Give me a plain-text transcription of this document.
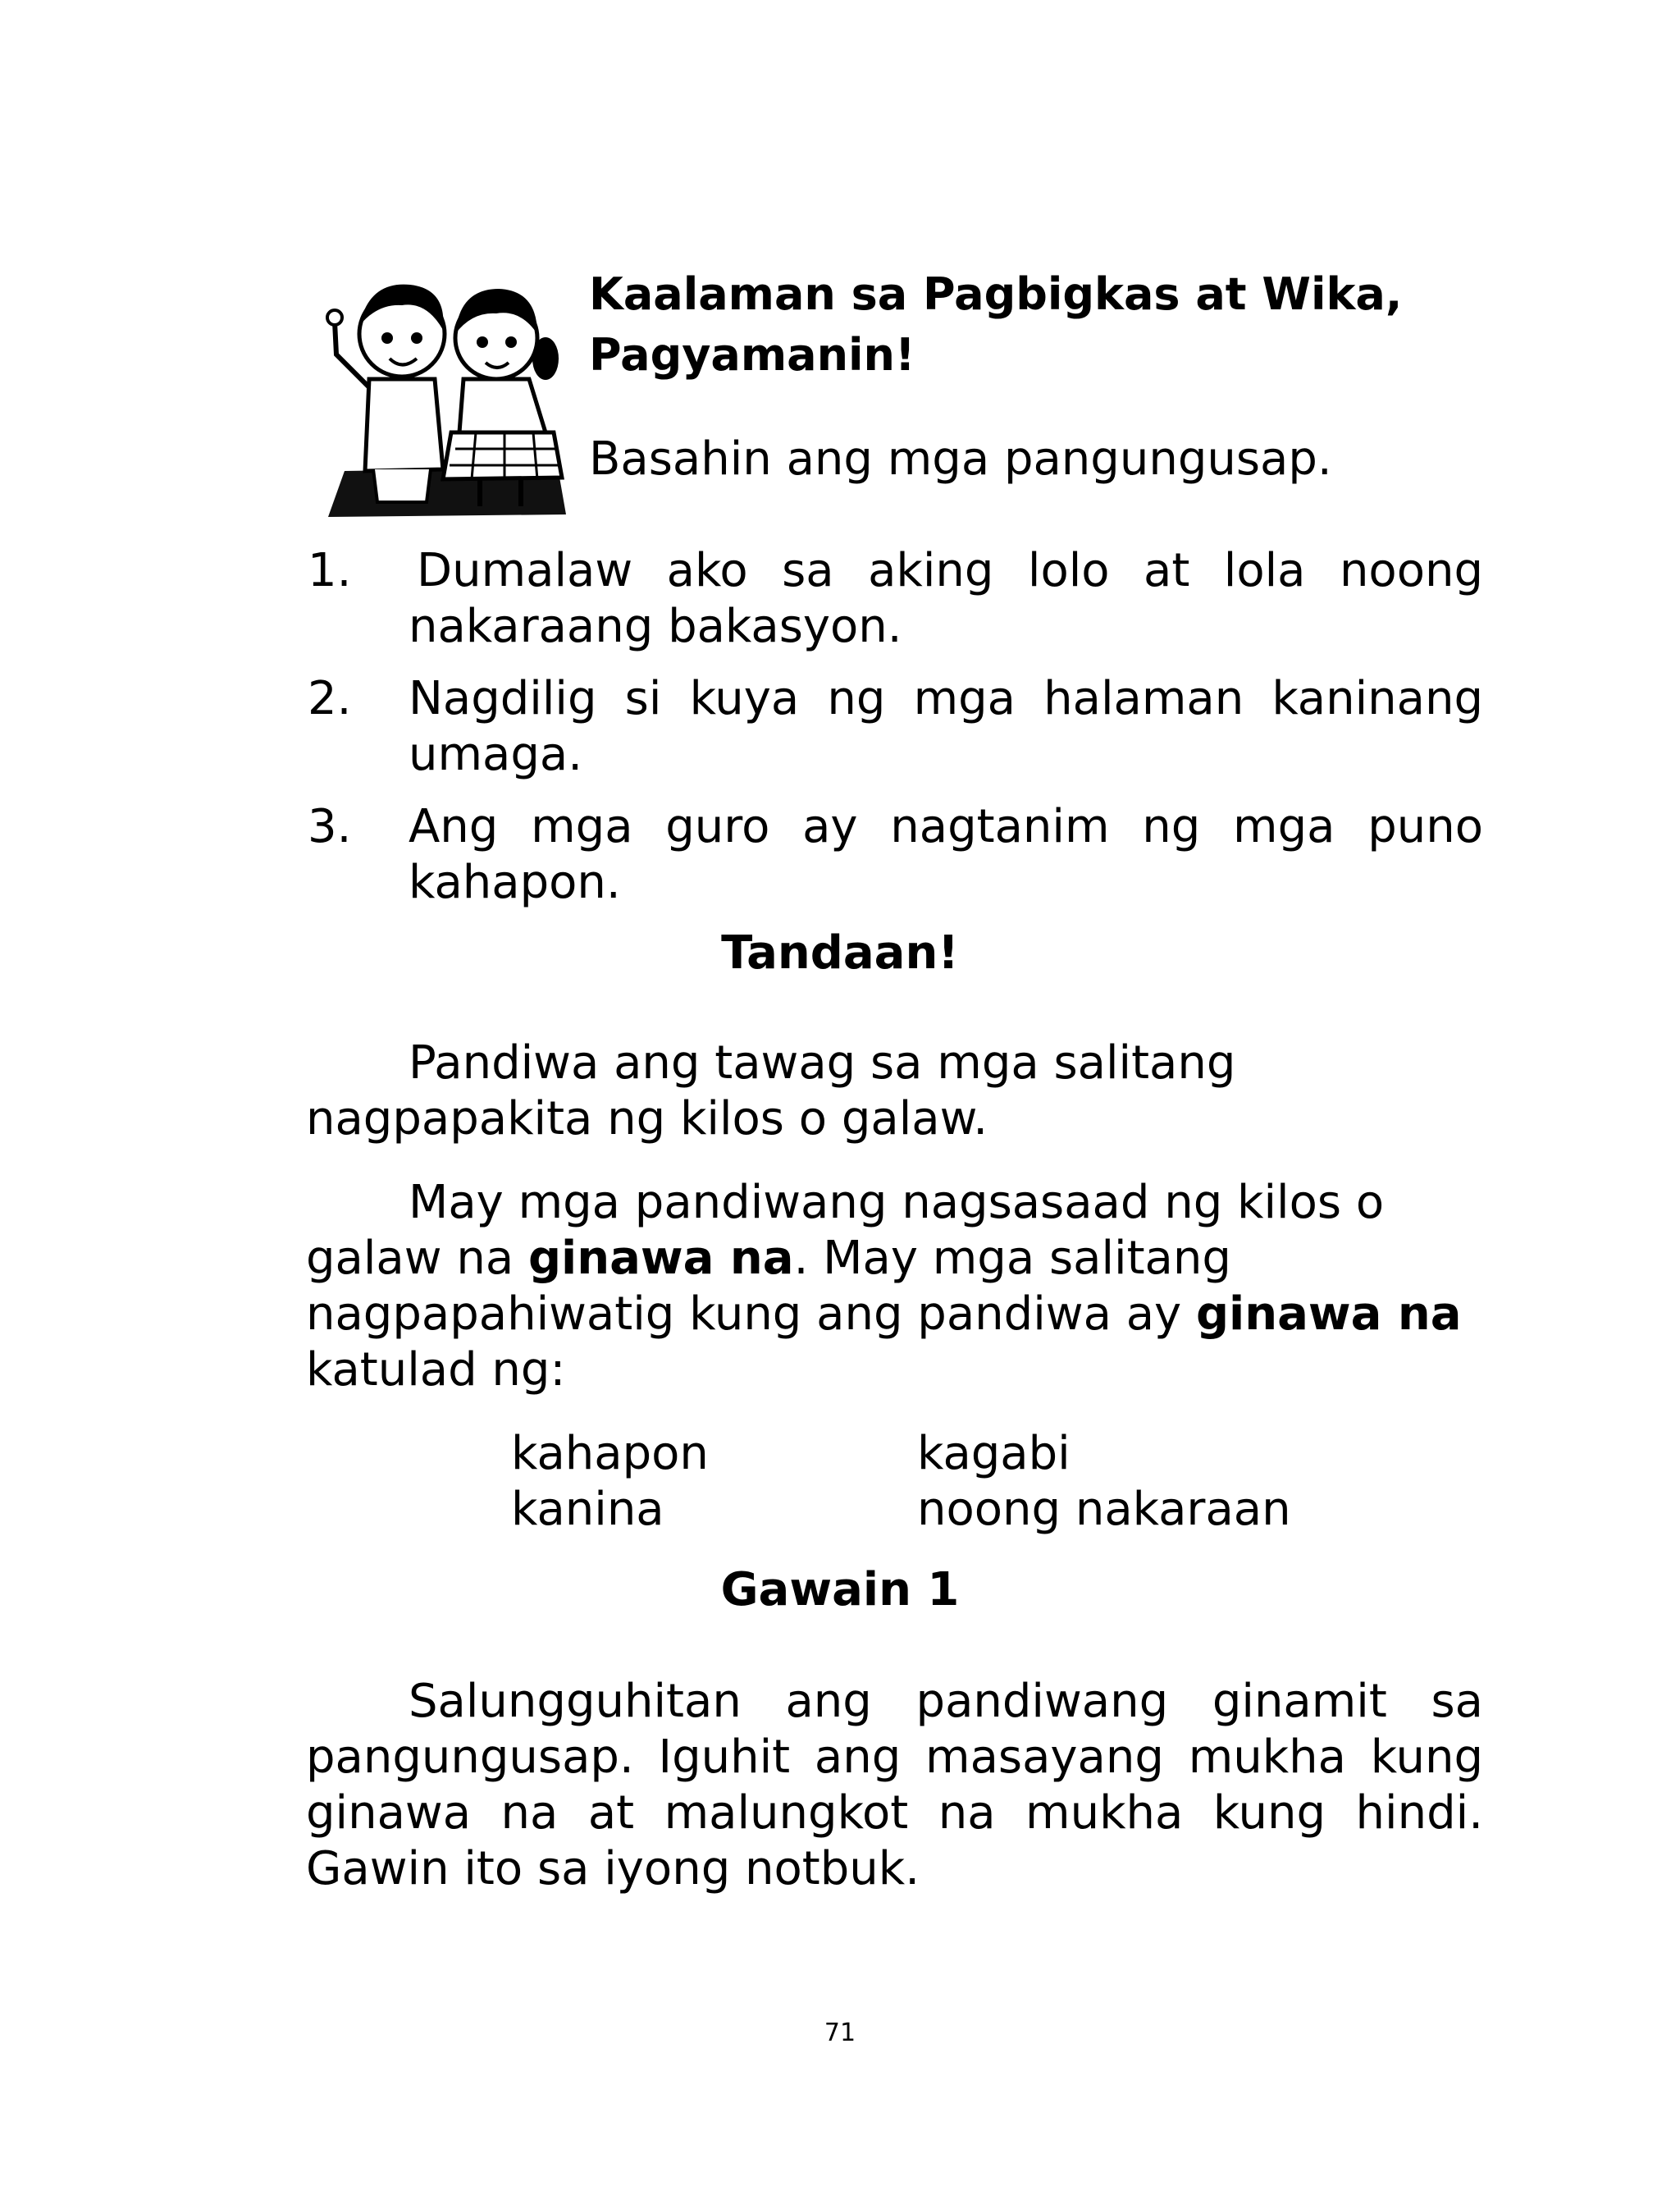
Kaalaman sa Pagbigkas at Wika,
Pagyamanin!
Basahin ang mga pangungusap.
1. Dumalaw ako sa aking lolo at lola noong
nakaraang bakasyon.
2. Nagdilig si kuya ng mga halaman kaninang
umaga.
3. Ang mga guro ay nagtanim ng mga puno
kahapon.
Tandaan!
Pandiwa ang tawag sa mga salitang
nagpapakita ng kilos o galaw.
May mga pandiwang nagsasaad ng kilos o
galaw na ginawa na. May mga salitang
nagpapahiwatig kung ang pandiwa ay ginawa na
katulad ng:
kahapon	kagabi
kanina	noong nakaraan
Gawain 1
Salungguhitan ang pandiwang ginamit sa
pangungusap. Iguhit ang masayang mukha kung
ginawa na at malungkot na mukha kung hindi.
Gawin ito sa iyong notbuk.
71
